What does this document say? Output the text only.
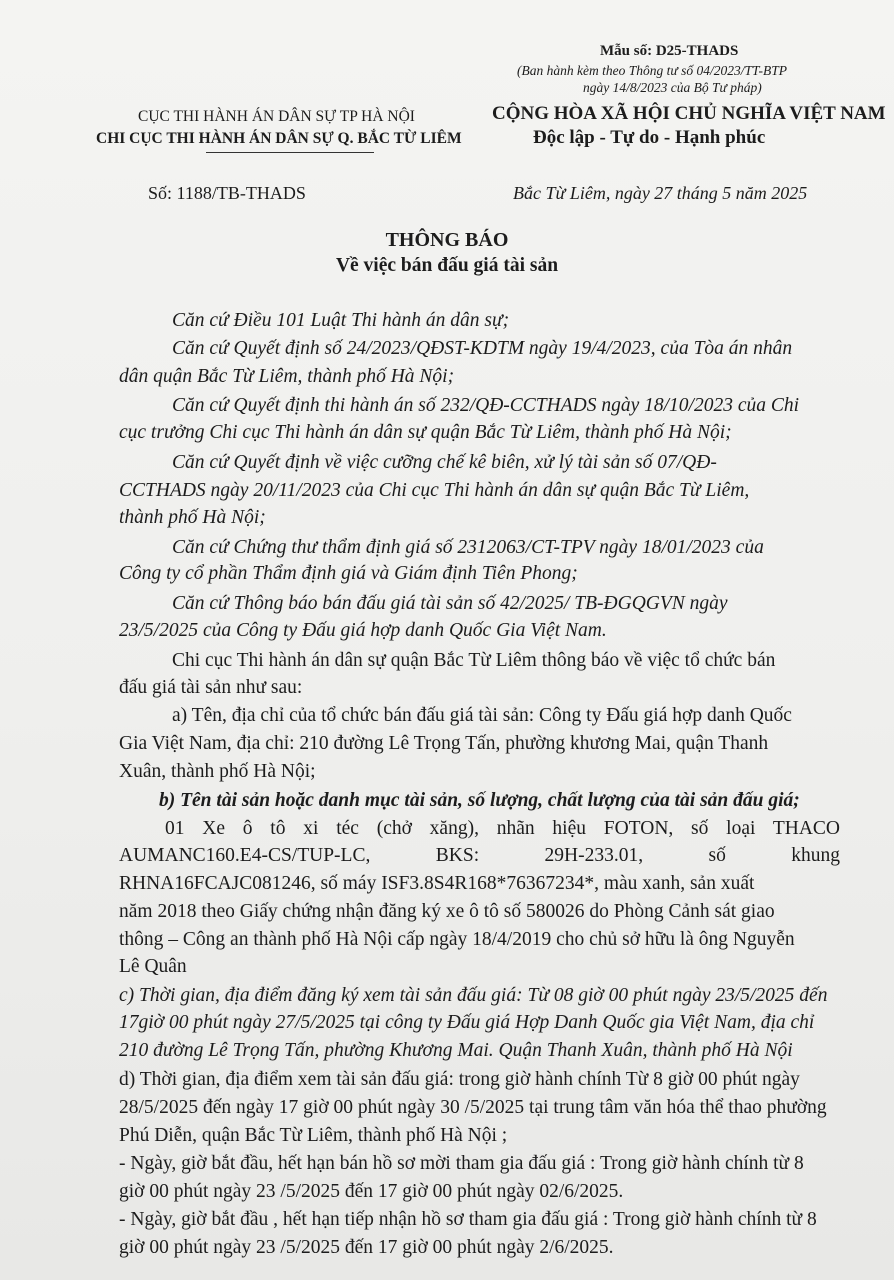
Mẫu số: D25-THADS
(Ban hành kèm theo Thông tư số 04/2023/TT-BTP
ngày 14/8/2023 của Bộ Tư pháp)
CỤC THI HÀNH ÁN DÂN SỰ TP HÀ NỘI
CHI CỤC THI HÀNH ÁN DÂN SỰ Q. BẮC TỪ LIÊM
CỘNG HÒA XÃ HỘI CHỦ NGHĨA VIỆT NAM
Độc lập - Tự do - Hạnh phúc
Số: 1188/TB-THADS	Bắc Từ Liêm, ngày 27 tháng 5 năm 2025
THÔNG BÁO
Về việc bán đấu giá tài sản
Căn cứ Điều 101 Luật Thi hành án dân sự;
Căn cứ Quyết định số 24/2023/QĐST-KDTM ngày 19/4/2023, của Tòa án nhân
dân quận Bắc Từ Liêm, thành phố Hà Nội;
Căn cứ Quyết định thi hành án số 232/QĐ-CCTHADS ngày 18/10/2023 của Chi
cục trưởng Chi cục Thi hành án dân sự quận Bắc Từ Liêm, thành phố Hà Nội;
Căn cứ Quyết định về việc cưỡng chế kê biên, xử lý tài sản số 07/QĐ-
CCTHADS ngày 20/11/2023 của Chi cục Thi hành án dân sự quận Bắc Từ Liêm,
thành phố Hà Nội;
Căn cứ Chứng thư thẩm định giá số 2312063/CT-TPV ngày 18/01/2023 của
Công ty cổ phần Thẩm định giá và Giám định Tiên Phong;
Căn cứ Thông báo bán đấu giá tài sản số 42/2025/ TB-ĐGQGVN ngày
23/5/2025 của Công ty Đấu giá hợp danh Quốc Gia Việt Nam.
Chi cục Thi hành án dân sự quận Bắc Từ Liêm thông báo về việc tổ chức bán
đấu giá tài sản như sau:
a) Tên, địa chỉ của tổ chức bán đấu giá tài sản: Công ty Đấu giá hợp danh Quốc
Gia Việt Nam, địa chỉ: 210 đường Lê Trọng Tấn, phường khương Mai, quận Thanh
Xuân, thành phố Hà Nội;
b) Tên tài sản hoặc danh mục tài sản, số lượng, chất lượng của tài sản đấu giá;
01 Xe ô tô xi téc (chở xăng), nhãn hiệu FOTON, số loại THACO
AUMANC160.E4-CS/TUP-LC, BKS: 29H-233.01, số khung
RHNA16FCAJC081246, số máy ISF3.8S4R168*76367234*, màu xanh, sản xuất
năm 2018 theo Giấy chứng nhận đăng ký xe ô tô số 580026 do Phòng Cảnh sát giao
thông – Công an thành phố Hà Nội cấp ngày 18/4/2019 cho chủ sở hữu là ông Nguyễn
Lê Quân
c) Thời gian, địa điểm đăng ký xem tài sản đấu giá: Từ 08 giờ 00 phút ngày 23/5/2025 đến
17giờ 00 phút ngày 27/5/2025 tại công ty Đấu giá Hợp Danh Quốc gia Việt Nam, địa chỉ
210 đường Lê Trọng Tấn, phường Khương Mai. Quận Thanh Xuân, thành phố Hà Nội
d) Thời gian, địa điểm xem tài sản đấu giá: trong giờ hành chính Từ 8 giờ 00 phút ngày
28/5/2025 đến ngày 17 giờ 00 phút ngày 30 /5/2025 tại trung tâm văn hóa thể thao phường
Phú Diễn, quận Bắc Từ Liêm, thành phố Hà Nội ;
- Ngày, giờ bắt đầu, hết hạn bán hồ sơ mời tham gia đấu giá : Trong giờ hành chính từ 8
giờ 00 phút ngày 23 /5/2025 đến 17 giờ 00 phút ngày 02/6/2025.
- Ngày, giờ bắt đầu , hết hạn tiếp nhận hồ sơ tham gia đấu giá : Trong giờ hành chính từ 8
giờ 00 phút ngày 23 /5/2025 đến 17 giờ 00 phút ngày 2/6/2025.
